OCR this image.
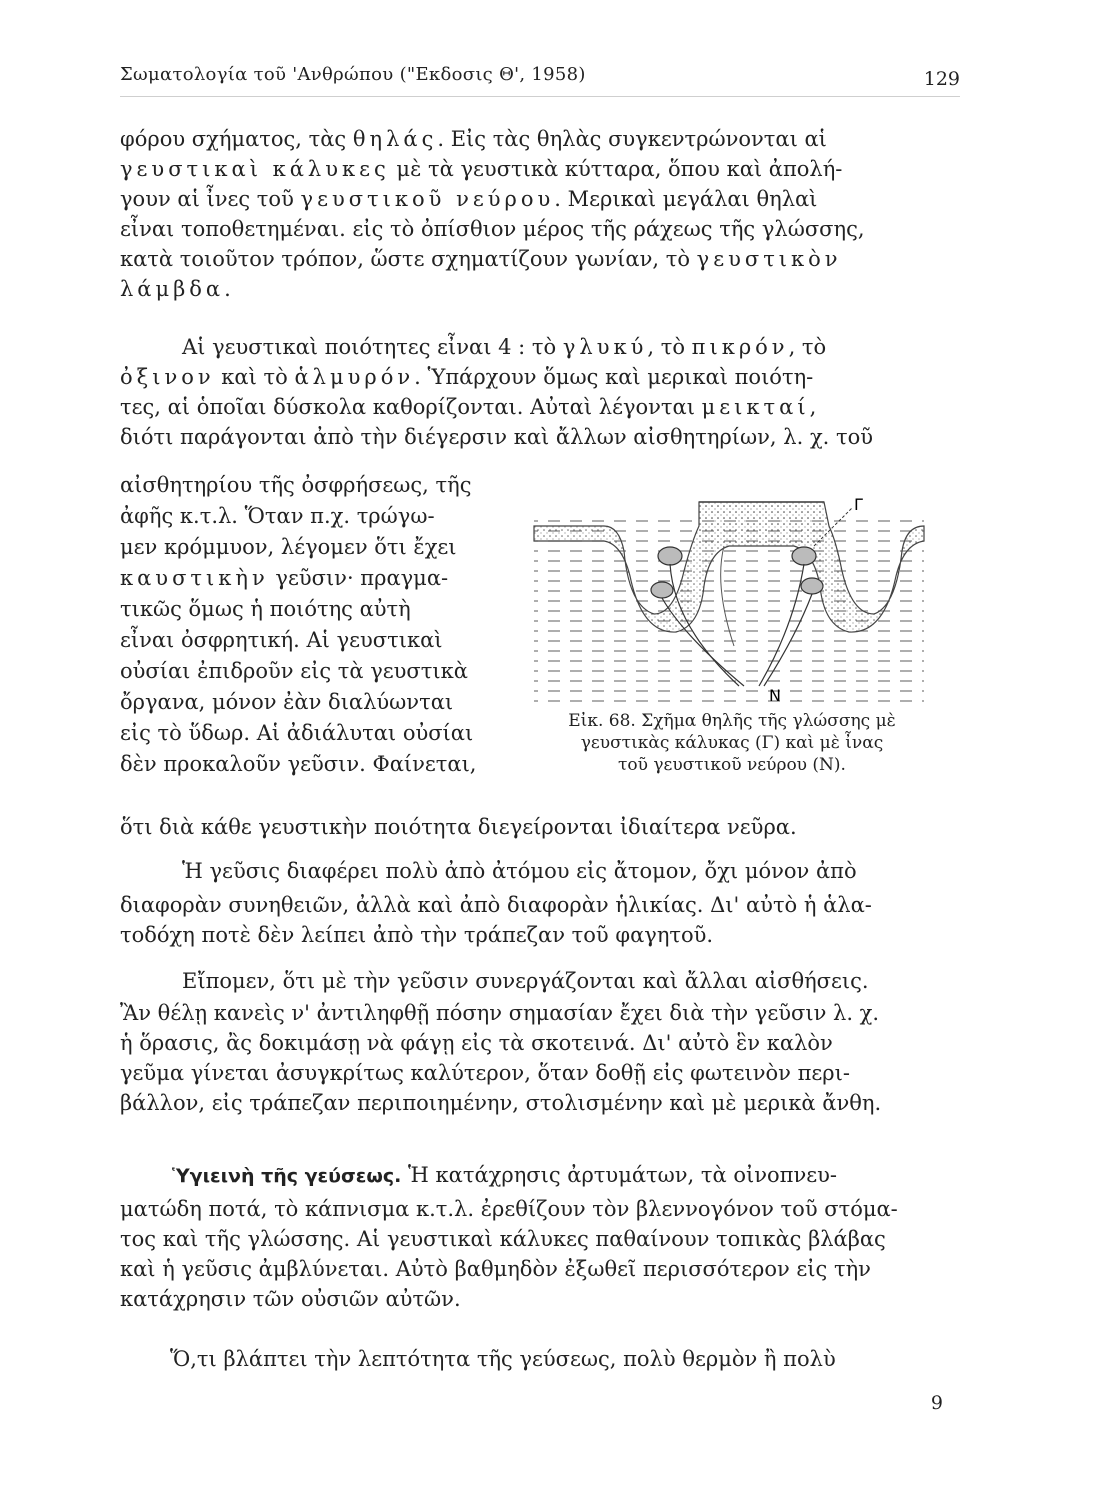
Σωματολογία τοῦ 'Ανθρώπου ("Εκδοσις Θ', 1958)	129
φόρου σχήματος, τὰς θηλάς. Εἰς τὰς θηλὰς συγκεντρώνονται αἱ
γευστικαὶ κάλυκες μὲ τὰ γευστικὰ κύτταρα, ὅπου καὶ ἀπολή-
γουν αἱ ἶνες τοῦ γευστικοῦ νεύρου. Μερικαὶ μεγάλαι θηλαὶ
εἶναι τοποθετημέναι. εἰς τὸ ὀπίσθιον μέρος τῆς ράχεως τῆς γλώσσης,
κατὰ τοιοῦτον τρόπον, ὥστε σχηματίζουν γωνίαν, τὸ γευστικὸν
λάμβδα.
Αἱ γευστικαὶ ποιότητες εἶναι 4 : τὸ γλυκύ, τὸ πικρόν, τὸ
ὀξινον καὶ τὸ ἁλμυρόν. Ὑπάρχουν ὅμως καὶ μερικαὶ ποιότη-
τες, αἱ ὁποῖαι δύσκολα καθορίζονται. Αὐταὶ λέγονται μεικταί,
διότι παράγονται ἀπὸ τὴν διέγερσιν καὶ ἄλλων αἰσθητηρίων, λ. χ. τοῦ
αἰσθητηρίου τῆς ὀσφρήσεως, τῆς
ἀφῆς κ.τ.λ. Ὅταν π.χ. τρώγω-
μεν κρόμμυον, λέγομεν ὅτι ἔχει
καυστικὴν γεῦσιν· πραγμα-
τικῶς ὅμως ἡ ποιότης αὐτὴ
εἶναι ὀσφρητική. Αἱ γευστικαὶ
οὐσίαι ἐπιδροῦν εἰς τὰ γευστικὰ
ὄργανα, μόνον ἐὰν διαλύωνται
εἰς τὸ ὕδωρ. Αἱ ἀδιάλυται οὐσίαι
δὲν προκαλοῦν γεῦσιν. Φαίνεται,
Γ
N
Εἰκ. 68. Σχῆμα θηλῆς τῆς γλώσσης μὲ
γευστικὰς κάλυκας (Γ) καὶ μὲ ἶνας
τοῦ γευστικοῦ νεύρου (Ν).
ὅτι διὰ κάθε γευστικὴν ποιότητα διεγείρονται ἰδιαίτερα νεῦρα.
Ἡ γεῦσις διαφέρει πολὺ ἀπὸ ἀτόμου εἰς ἄτομον, ὄχι μόνον ἀπὸ
διαφορὰν συνηθειῶν, ἀλλὰ καὶ ἀπὸ διαφορὰν ἡλικίας. Δι' αὐτὸ ἡ ἁλα-
τοδόχη ποτὲ δὲν λείπει ἀπὸ τὴν τράπεζαν τοῦ φαγητοῦ.
Εἴπομεν, ὅτι μὲ τὴν γεῦσιν συνεργάζονται καὶ ἄλλαι αἰσθήσεις.
Ἂν θέλῃ κανεὶς ν' ἀντιληφθῇ πόσην σημασίαν ἔχει διὰ τὴν γεῦσιν λ. χ.
ἡ ὅρασις, ἂς δοκιμάσῃ νὰ φάγῃ εἰς τὰ σκοτεινά. Δι' αὐτὸ ἓν καλὸν
γεῦμα γίνεται ἀσυγκρίτως καλύτερον, ὅταν δοθῇ εἰς φωτεινὸν περι-
βάλλον, εἰς τράπεζαν περιποιημένην, στολισμένην καὶ μὲ μερικὰ ἄνθη.
Ὑγιεινὴ τῆς γεύσεως. Ἡ κατάχρησις ἀρτυμάτων, τὰ οἰνοπνευ-
ματώδη ποτά, τὸ κάπνισμα κ.τ.λ. ἐρεθίζουν τὸν βλεννογόνον τοῦ στόμα-
τος καὶ τῆς γλώσσης. Αἱ γευστικαὶ κάλυκες παθαίνουν τοπικὰς βλάβας
καὶ ἡ γεῦσις ἀμβλύνεται. Αὐτὸ βαθμηδὸν ἐξωθεῖ περισσότερον εἰς τὴν
κατάχρησιν τῶν οὐσιῶν αὐτῶν.
Ὅ,τι βλάπτει τὴν λεπτότητα τῆς γεύσεως, πολὺ θερμὸν ἢ πολὺ
9
